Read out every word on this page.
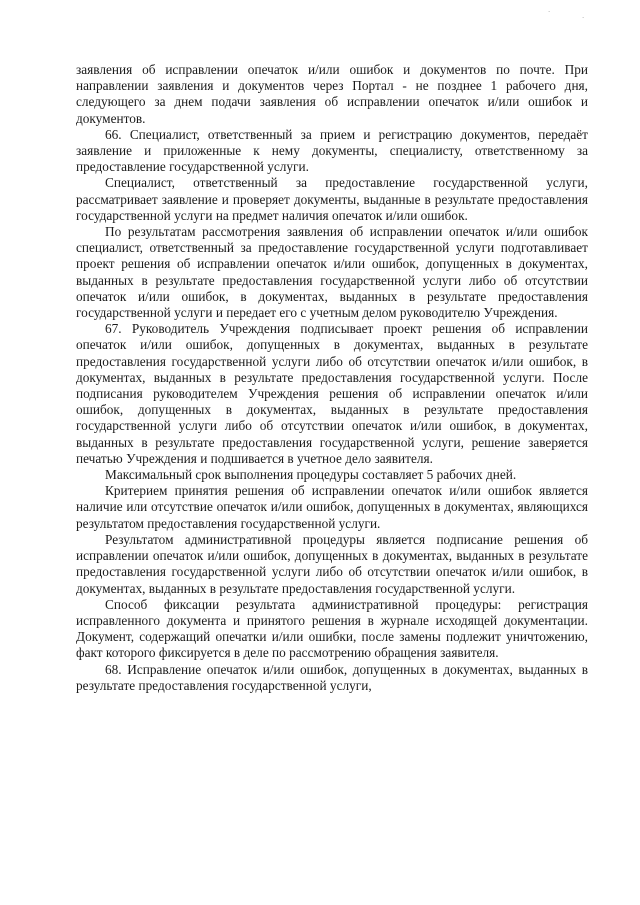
заявления об исправлении опечаток и/или ошибок и документов по почте. При направлении заявления и документов через Портал - не позднее 1 рабочего дня, следующего за днем подачи заявления об исправлении опечаток и/или ошибок и документов.

66. Специалист, ответственный за прием и регистрацию документов, передаёт заявление и приложенные к нему документы, специалисту, ответственному за предоставление государственной услуги.

Специалист, ответственный за предоставление государственной услуги, рассматривает заявление и проверяет документы, выданные в результате предоставления государственной услуги на предмет наличия опечаток и/или ошибок.

По результатам рассмотрения заявления об исправлении опечаток и/или ошибок специалист, ответственный за предоставление государственной услуги подготавливает проект решения об исправлении опечаток и/или ошибок, допущенных в документах, выданных в результате предоставления государственной услуги либо об отсутствии опечаток и/или ошибок, в документах, выданных в результате предоставления государственной услуги и передает его с учетным делом руководителю Учреждения.

67. Руководитель Учреждения подписывает проект решения об исправлении опечаток и/или ошибок, допущенных в документах, выданных в результате предоставления государственной услуги либо об отсутствии опечаток и/или ошибок, в документах, выданных в результате предоставления государственной услуги. После подписания руководителем Учреждения решения об исправлении опечаток и/или ошибок, допущенных в документах, выданных в результате предоставления государственной услуги либо об отсутствии опечаток и/или ошибок, в документах, выданных в результате предоставления государственной услуги, решение заверяется печатью Учреждения и подшивается в учетное дело заявителя.

Максимальный срок выполнения процедуры составляет 5 рабочих дней.

Критерием принятия решения об исправлении опечаток и/или ошибок является наличие или отсутствие опечаток и/или ошибок, допущенных в документах, являющихся результатом предоставления государственной услуги.

Результатом административной процедуры является подписание решения об исправлении опечаток и/или ошибок, допущенных в документах, выданных в результате предоставления государственной услуги либо об отсутствии опечаток и/или ошибок, в документах, выданных в результате предоставления государственной услуги.

Способ фиксации результата административной процедуры: регистрация исправленного документа и принятого решения в журнале исходящей документации. Документ, содержащий опечатки и/или ошибки, после замены подлежит уничтожению, факт которого фиксируется в деле по рассмотрению обращения заявителя.

68. Исправление опечаток и/или ошибок, допущенных в документах, выданных в результате предоставления государственной услуги,

·
·
